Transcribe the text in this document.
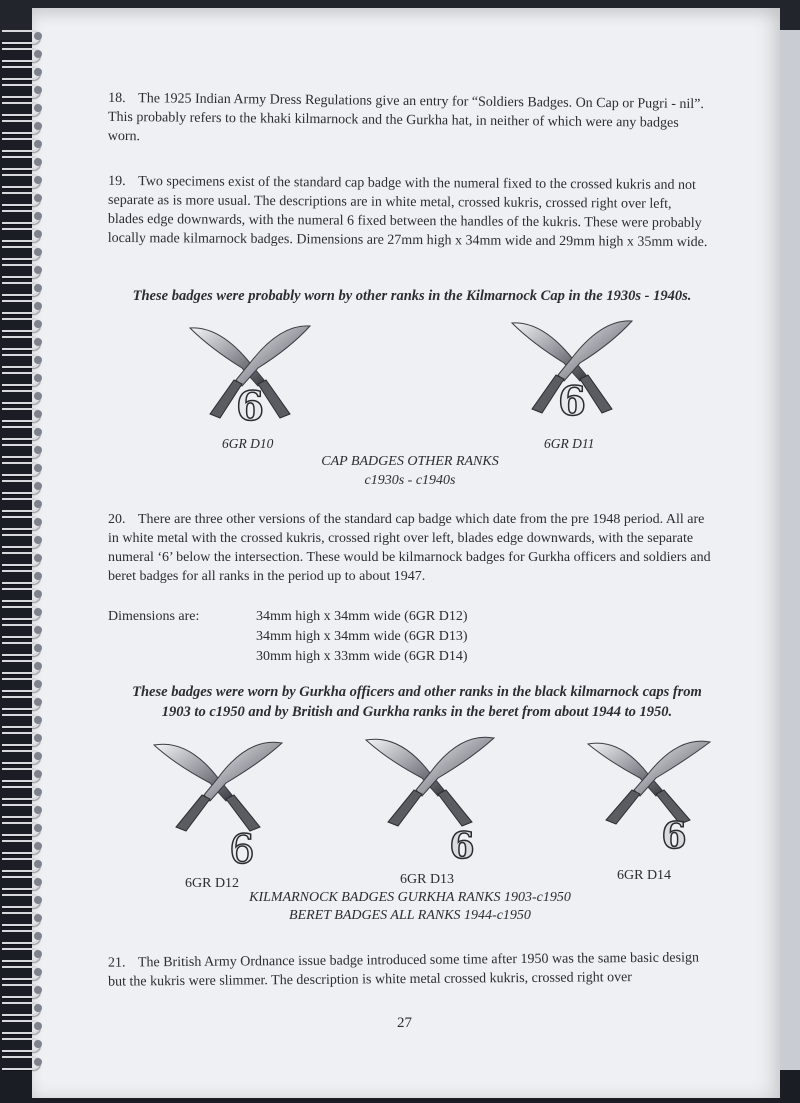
18. The 1925 Indian Army Dress Regulations give an entry for “Soldiers Badges. On Cap or Pugri - nil”. This probably refers to the khaki kilmarnock and the Gurkha hat, in neither of which were any badges worn.

19. Two specimens exist of the standard cap badge with the numeral fixed to the crossed kukris and not separate as is more usual. The descriptions are in white metal, crossed kukris, crossed right over left, blades edge downwards, with the numeral 6 fixed between the handles of the kukris. These were probably locally made kilmarnock badges. Dimensions are 27mm high x 34mm wide and 29mm high x 35mm wide.

These badges were probably worn by other ranks in the Kilmarnock Cap in the 1930s - 1940s.
6	6
6GR D10	6GR D11
CAP BADGES OTHER RANKS
c1930s - c1940s

20. There are three other versions of the standard cap badge which date from the pre 1948 period. All are in white metal with the crossed kukris, crossed right over left, blades edge downwards, with the separate numeral ‘6’ below the intersection. These would be kilmarnock badges for Gurkha officers and soldiers and beret badges for all ranks in the period up to about 1947.

Dimensions are:	34mm high x 34mm wide (6GR D12)
34mm high x 34mm wide (6GR D13)
30mm high x 33mm wide (6GR D14)
These badges were worn by Gurkha officers and other ranks in the black kilmarnock caps from
1903 to c1950 and by British and Gurkha ranks in the beret from about 1944 to 1950.
6	6	6
6GR D12	6GR D13	6GR D14
KILMARNOCK BADGES GURKHA RANKS 1903-c1950
BERET BADGES ALL RANKS 1944-c1950

21. The British Army Ordnance issue badge introduced some time after 1950 was the same basic design but the kukris were slimmer. The description is white metal crossed kukris, crossed right over

27
